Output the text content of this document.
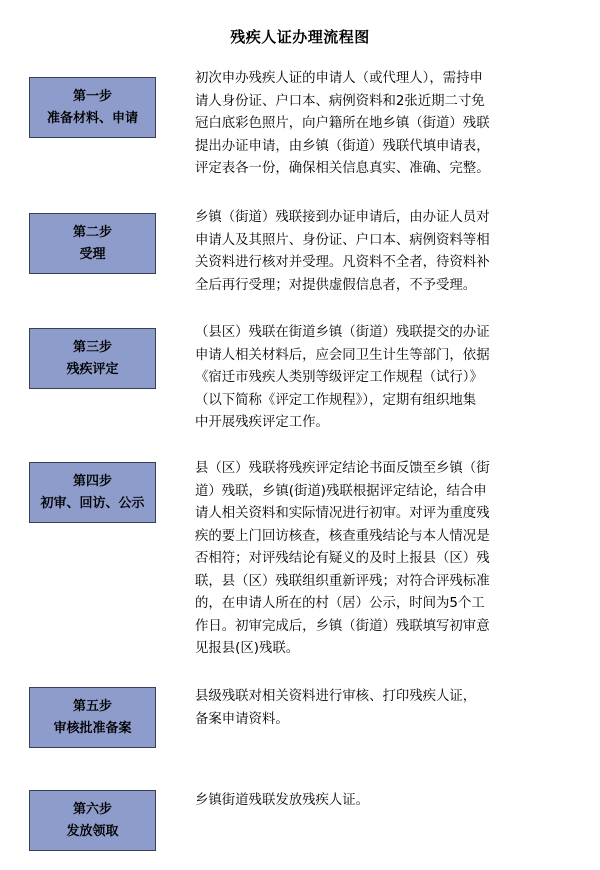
残疾人证办理流程图
第一步
准备材料、申请
初次申办残疾人证的申请人（或代理人），需持申
请人身份证、户口本、病例资料和2张近期二寸免
冠白底彩色照片，向户籍所在地乡镇（街道）残联
提出办证申请，由乡镇（街道）残联代填申请表，
评定表各一份，确保相关信息真实、准确、完整。
第二步
受理
乡镇（街道）残联接到办证申请后，由办证人员对
申请人及其照片、身份证、户口本、病例资料等相
关资料进行核对并受理。凡资料不全者，待资料补
全后再行受理；对提供虚假信息者，不予受理。
第三步
残疾评定
（县区）残联在街道乡镇（街道）残联提交的办证
申请人相关材料后，应会同卫生计生等部门，依据
《宿迁市残疾人类别等级评定工作规程（试行）》
（以下简称《评定工作规程》），定期有组织地集
中开展残疾评定工作。
第四步
初审、回访、公示
县（区）残联将残疾评定结论书面反馈至乡镇（街
道）残联，乡镇(街道)残联根据评定结论，结合申
请人相关资料和实际情况进行初审。对评为重度残
疾的要上门回访核查，核查重残结论与本人情况是
否相符；对评残结论有疑义的及时上报县（区）残
联，县（区）残联组织重新评残；对符合评残标准
的，在申请人所在的村（居）公示，时间为5个工
作日。初审完成后，乡镇（街道）残联填写初审意
见报县(区)残联。
第五步
审核批准备案
县级残联对相关资料进行审核、打印残疾人证，
备案申请资料。
第六步
发放领取
乡镇街道残联发放残疾人证。
